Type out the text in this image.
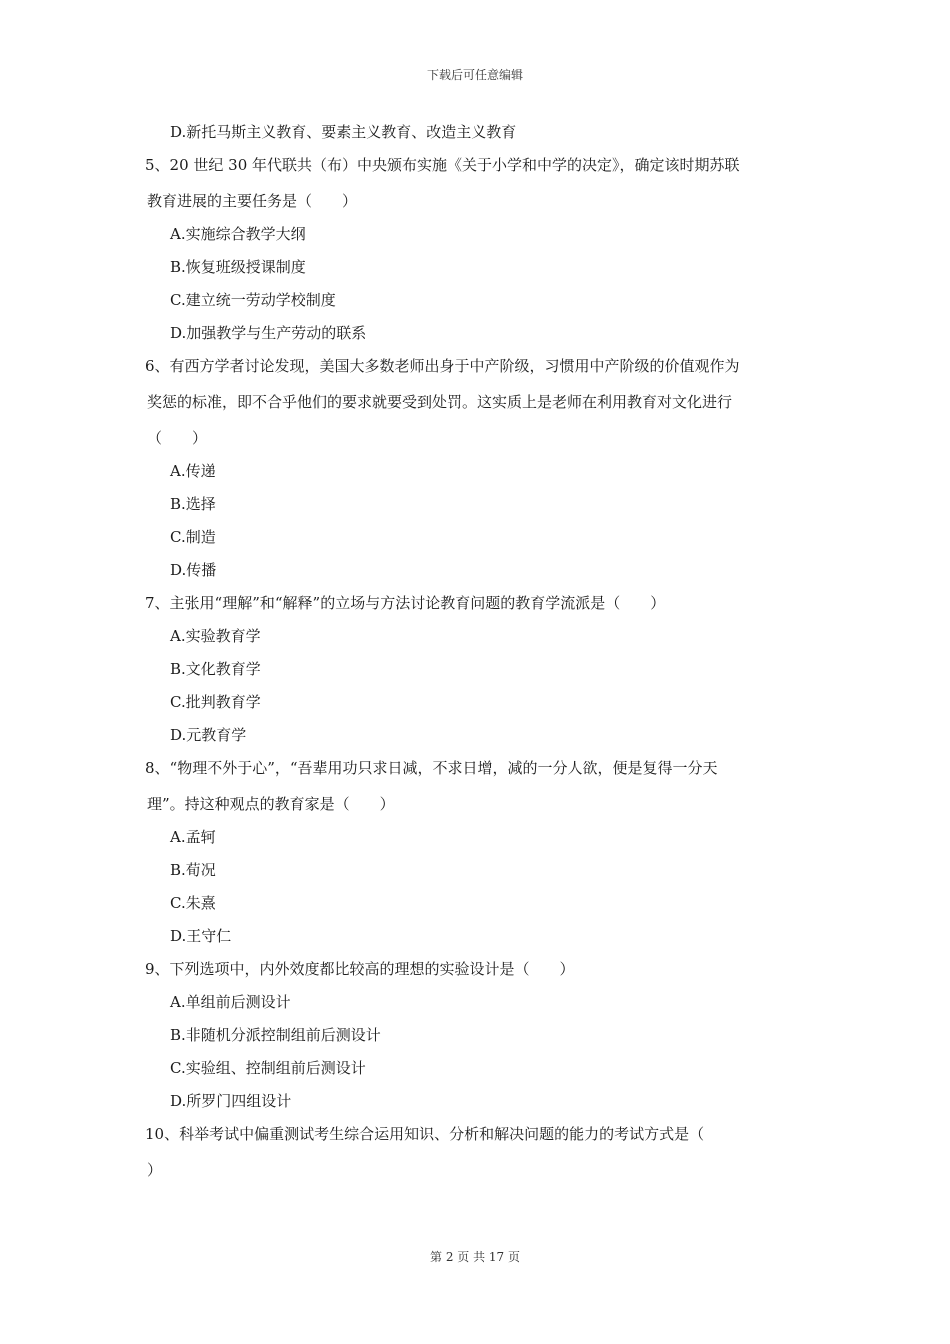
下载后可任意编辑
D.新托马斯主义教育、要素主义教育、改造主义教育
5、20 世纪 30 年代联共（布）中央颁布实施《关于小学和中学的决定》，确定该时期苏联
教育进展的主要任务是（　　）
A.实施综合教学大纲
B.恢复班级授课制度
C.建立统一劳动学校制度
D.加强教学与生产劳动的联系
6、有西方学者讨论发现，美国大多数老师出身于中产阶级，习惯用中产阶级的价值观作为
奖惩的标准，即不合乎他们的要求就要受到处罚。这实质上是老师在利用教育对文化进行
（　　）
A.传递
B.选择
C.制造
D.传播
7、主张用“理解”和“解释”的立场与方法讨论教育问题的教育学流派是（　　）
A.实验教育学
B.文化教育学
C.批判教育学
D.元教育学
8、“物理不外于心”，“吾辈用功只求日减，不求日增，减的一分人欲，便是复得一分天
理”。持这种观点的教育家是（　　）
A.孟轲
B.荀况
C.朱熹
D.王守仁
9、下列选项中，内外效度都比较高的理想的实验设计是（　　）
A.单组前后测设计
B.非随机分派控制组前后测设计
C.实验组、控制组前后测设计
D.所罗门四组设计
10、科举考试中偏重测试考生综合运用知识、分析和解决问题的能力的考试方式是（
）
第 2 页 共 17 页
